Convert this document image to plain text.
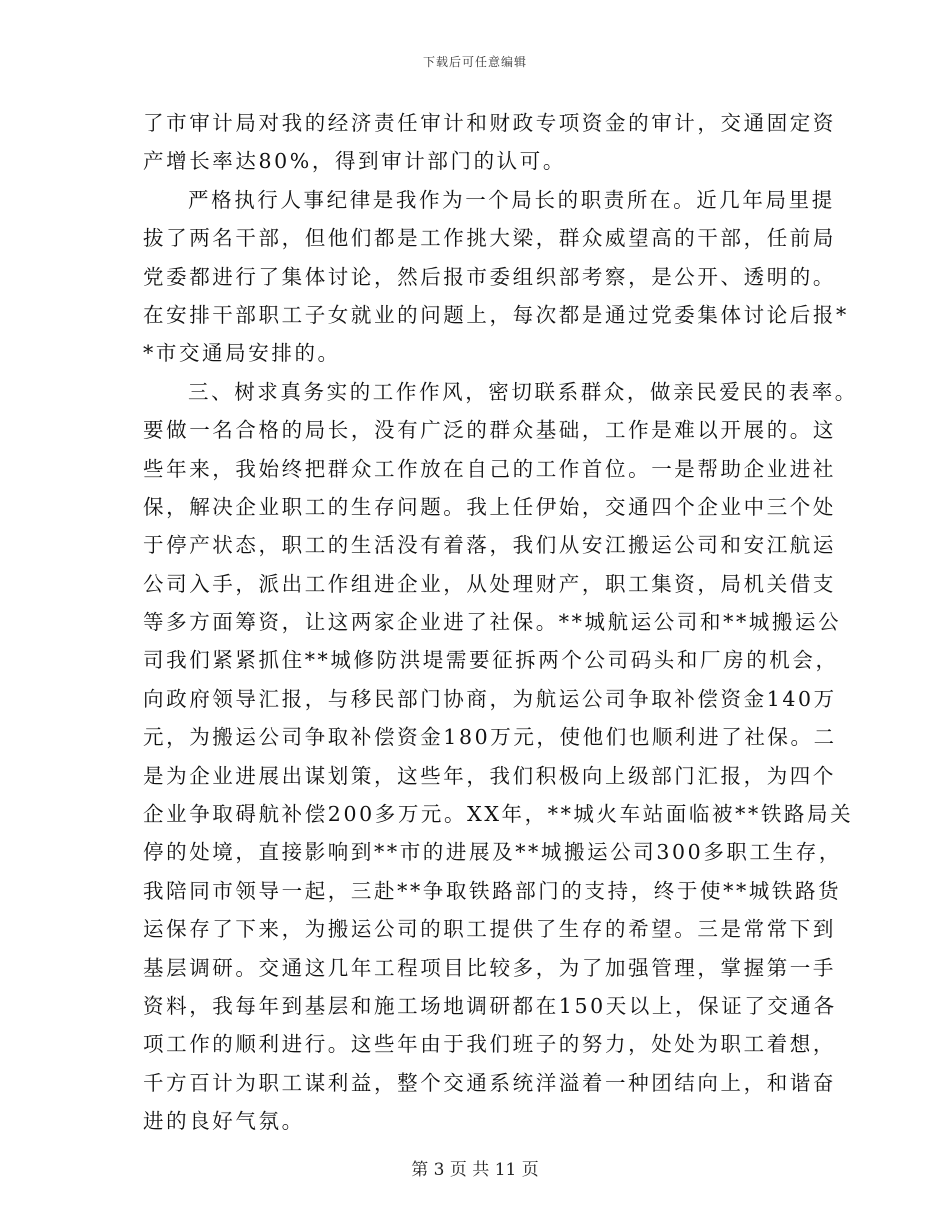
下载后可任意编辑
了市审计局对我的经济责任审计和财政专项资金的审计，交通固定资
产增长率达80%，得到审计部门的认可。
严格执行人事纪律是我作为一个局长的职责所在。近几年局里提
拔了两名干部，但他们都是工作挑大梁，群众威望高的干部，任前局
党委都进行了集体讨论，然后报市委组织部考察，是公开、透明的。
在安排干部职工子女就业的问题上，每次都是通过党委集体讨论后报*
*市交通局安排的。
三、树求真务实的工作作风，密切联系群众，做亲民爱民的表率。
要做一名合格的局长，没有广泛的群众基础，工作是难以开展的。这
些年来，我始终把群众工作放在自己的工作首位。一是帮助企业进社
保，解决企业职工的生存问题。我上任伊始，交通四个企业中三个处
于停产状态，职工的生活没有着落，我们从安江搬运公司和安江航运
公司入手，派出工作组进企业，从处理财产，职工集资，局机关借支
等多方面筹资，让这两家企业进了社保。**城航运公司和**城搬运公
司我们紧紧抓住**城修防洪堤需要征拆两个公司码头和厂房的机会，
向政府领导汇报，与移民部门协商，为航运公司争取补偿资金140万
元，为搬运公司争取补偿资金180万元，使他们也顺利进了社保。二
是为企业进展出谋划策，这些年，我们积极向上级部门汇报，为四个
企业争取碍航补偿200多万元。XX年，**城火车站面临被**铁路局关
停的处境，直接影响到**市的进展及**城搬运公司300多职工生存，
我陪同市领导一起，三赴**争取铁路部门的支持，终于使**城铁路货
运保存了下来，为搬运公司的职工提供了生存的希望。三是常常下到
基层调研。交通这几年工程项目比较多，为了加强管理，掌握第一手
资料，我每年到基层和施工场地调研都在150天以上，保证了交通各
项工作的顺利进行。这些年由于我们班子的努力，处处为职工着想，
千方百计为职工谋利益，整个交通系统洋溢着一种团结向上，和谐奋
进的良好气氛。
第 3 页 共 11 页
